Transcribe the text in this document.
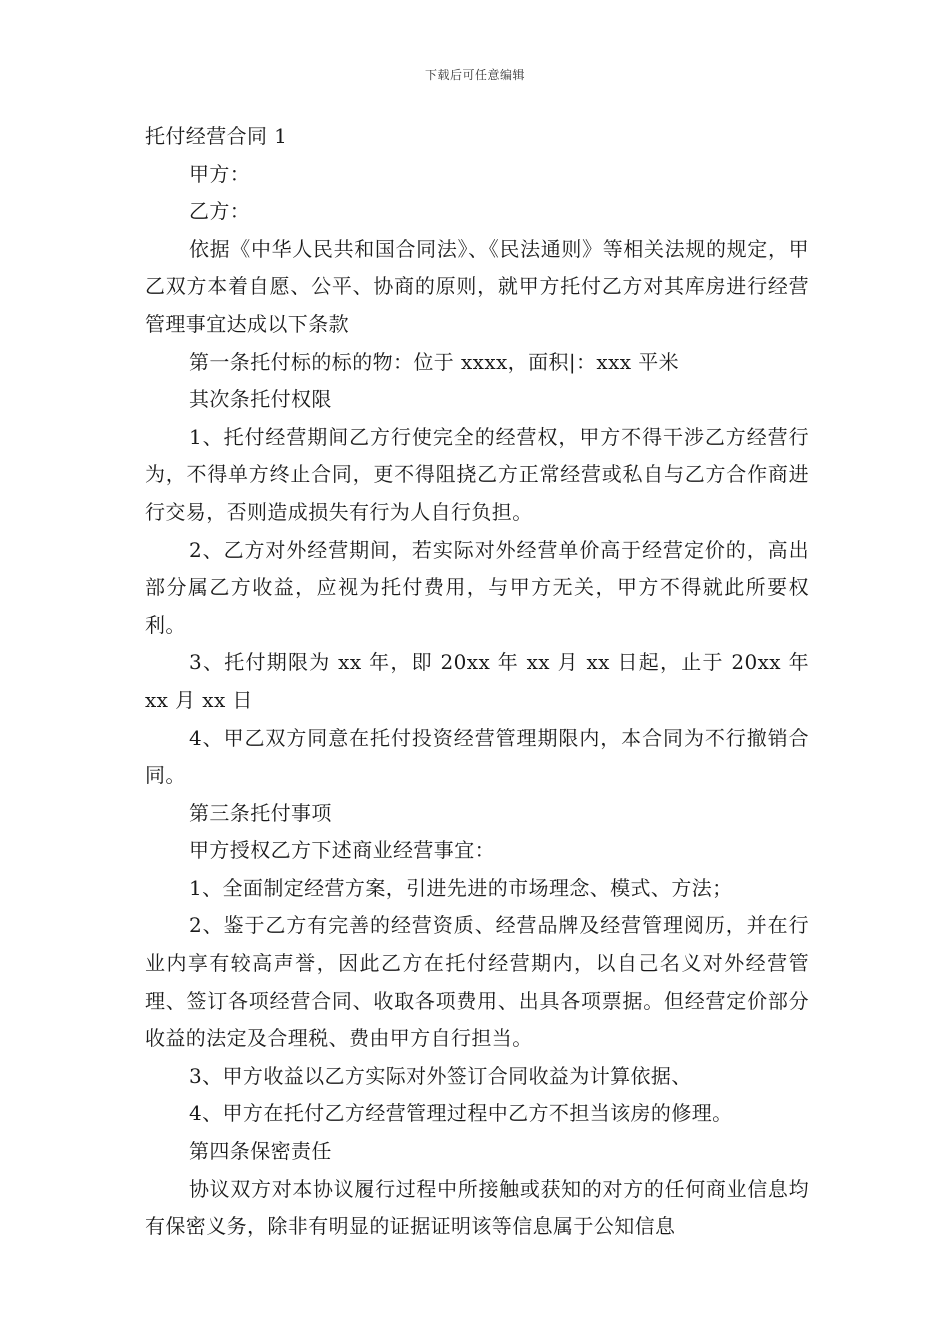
下载后可任意编辑

托付经营合同 1

甲方：

乙方：

依据《中华人民共和国合同法》、《民法通则》等相关法规的规定，甲乙双方本着自愿、公平、协商的原则，就甲方托付乙方对其库房进行经营管理事宜达成以下条款

第一条托付标的标的物：位于 xxxx，面积|：xxx 平米

其次条托付权限

1、托付经营期间乙方行使完全的经营权，甲方不得干涉乙方经营行为，不得单方终止合同，更不得阻挠乙方正常经营或私自与乙方合作商进行交易，否则造成损失有行为人自行负担。

2、乙方对外经营期间，若实际对外经营单价高于经营定价的，高出部分属乙方收益，应视为托付费用，与甲方无关，甲方不得就此所要权利。

3、托付期限为 xx 年，即 20xx 年 xx 月 xx 日起，止于 20xx 年 xx 月 xx 日

4、甲乙双方同意在托付投资经营管理期限内，本合同为不行撤销合同。

第三条托付事项

甲方授权乙方下述商业经营事宜：

1、全面制定经营方案，引进先进的市场理念、模式、方法；

2、鉴于乙方有完善的经营资质、经营品牌及经营管理阅历，并在行业内享有较高声誉，因此乙方在托付经营期内，以自己名义对外经营管理、签订各项经营合同、收取各项费用、出具各项票据。但经营定价部分收益的法定及合理税、费由甲方自行担当。

3、甲方收益以乙方实际对外签订合同收益为计算依据、

4、甲方在托付乙方经营管理过程中乙方不担当该房的修理。

第四条保密责任

协议双方对本协议履行过程中所接触或获知的对方的任何商业信息均有保密义务，除非有明显的证据证明该等信息属于公知信息
